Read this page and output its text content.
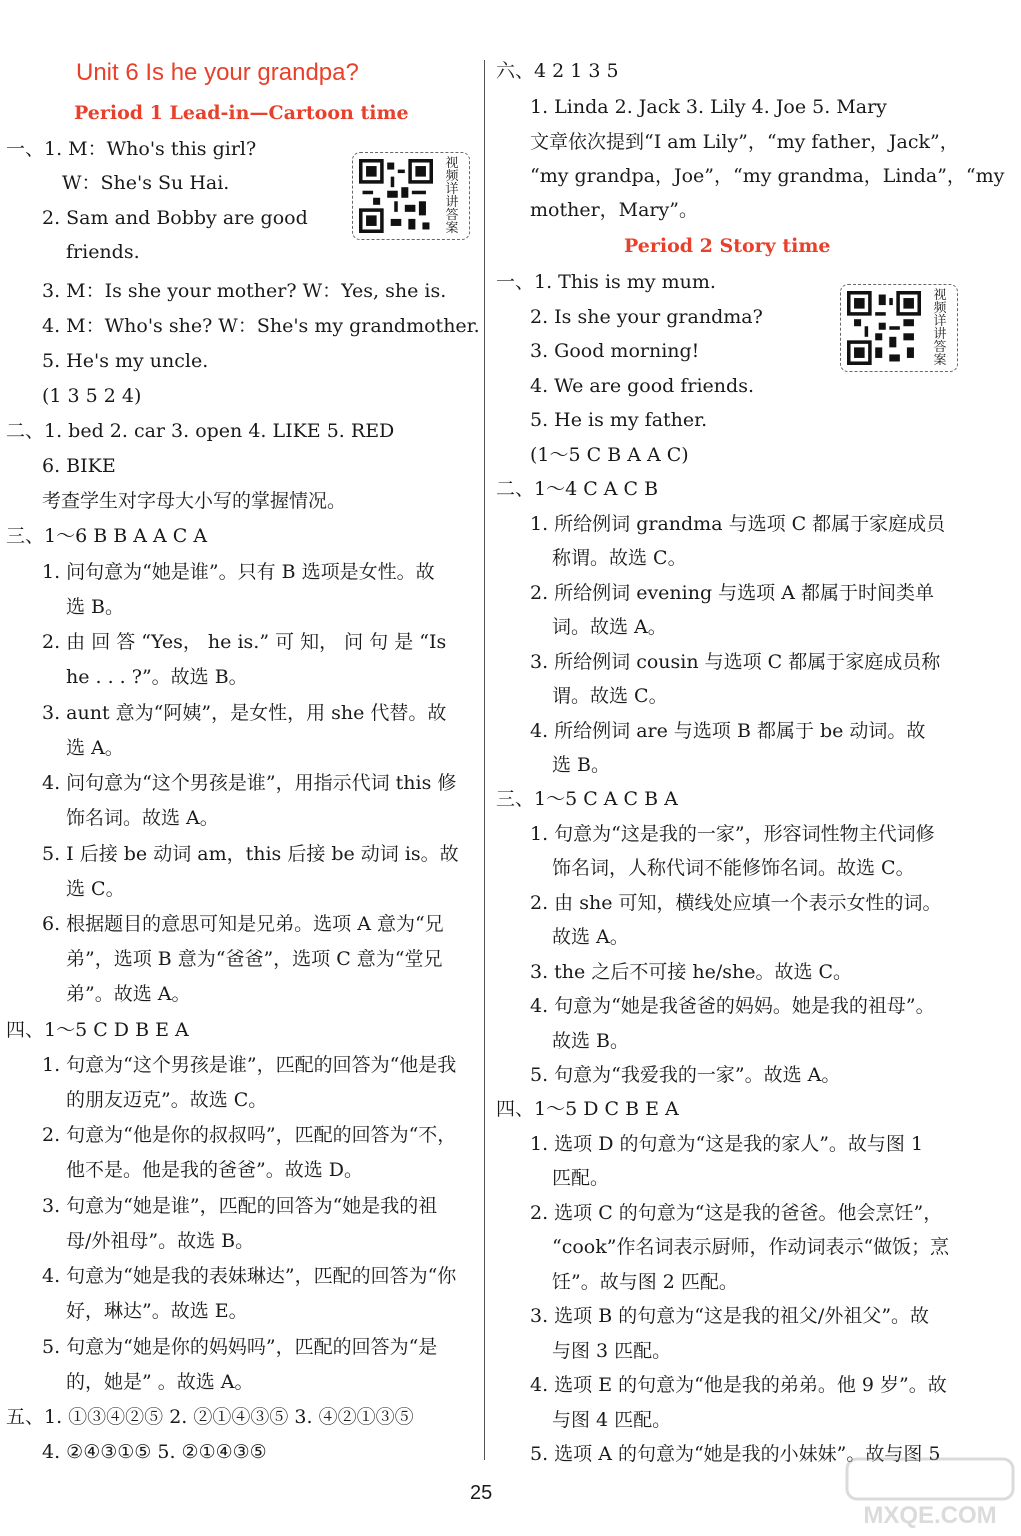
Unit 6 Is he your grandpa?
Period 1 Lead-in—Cartoon time
一、1. M：Who's this girl?
W：She's Su Hai.
2. Sam and Bobby are good
friends.
3. M：Is she your mother? W：Yes, she is.
4. M：Who's she? W：She's my grandmother.
5. He's my uncle.
(1 3 5 2 4)
二、1. bed 2. car 3. open 4. LIKE 5. RED
6. BIKE
考查学生对字母大小写的掌握情况。
三、1～6 B B A A C A
1. 问句意为“她是谁”。只有 B 选项是女性。故
选 B。
2. 由 回 答 “Yes， he is.” 可 知， 问 句 是 “Is
he . . . ?”。故选 B。
3. aunt 意为“阿姨”，是女性，用 she 代替。故
选 A。
4. 问句意为“这个男孩是谁”，用指示代词 this 修
饰名词。故选 A。
5. I 后接 be 动词 am，this 后接 be 动词 is。故
选 C。
6. 根据题目的意思可知是兄弟。选项 A 意为“兄
弟”，选项 B 意为“爸爸”，选项 C 意为“堂兄
弟”。故选 A。
四、1～5 C D B E A
1. 句意为“这个男孩是谁”，匹配的回答为“他是我
的朋友迈克”。故选 C。
2. 句意为“他是你的叔叔吗”，匹配的回答为“不，
他不是。他是我的爸爸”。故选 D。
3. 句意为“她是谁”，匹配的回答为“她是我的祖
母/外祖母”。故选 B。
4. 句意为“她是我的表妹琳达”，匹配的回答为“你
好，琳达”。故选 E。
5. 句意为“她是你的妈妈吗”，匹配的回答为“是
的，她是” 。故选 A。
五、1. ①③④②⑤ 2. ②①④③⑤ 3. ④②①③⑤
4. ②④③①⑤ 5. ②①④③⑤
视频详讲答案
六、4 2 1 3 5
1. Linda 2. Jack 3. Lily 4. Joe 5. Mary
文章依次提到“I am Lily”，“my father，Jack”，
“my grandpa，Joe”，“my grandma，Linda”，“my
mother，Mary”。
Period 2 Story time
一、1. This is my mum.
2. Is she your grandma?
3. Good morning!
4. We are good friends.
5. He is my father.
(1～5 C B A A C)
二、1～4 C A C B
1. 所给例词 grandma 与选项 C 都属于家庭成员
称谓。故选 C。
2. 所给例词 evening 与选项 A 都属于时间类单
词。故选 A。
3. 所给例词 cousin 与选项 C 都属于家庭成员称
谓。故选 C。
4. 所给例词 are 与选项 B 都属于 be 动词。故
选 B。
三、1～5 C A C B A
1. 句意为“这是我的一家”，形容词性物主代词修
饰名词，人称代词不能修饰名词。故选 C。
2. 由 she 可知，横线处应填一个表示女性的词。
故选 A。
3. the 之后不可接 he/she。故选 C。
4. 句意为“她是我爸爸的妈妈。她是我的祖母”。
故选 B。
5. 句意为“我爱我的一家”。故选 A。
四、1～5 D C B E A
1. 选项 D 的句意为“这是我的家人”。故与图 1
匹配。
2. 选项 C 的句意为“这是我的爸爸。他会烹饪”，
“cook”作名词表示厨师，作动词表示“做饭；烹
饪”。故与图 2 匹配。
3. 选项 B 的句意为“这是我的祖父/外祖父”。故
与图 3 匹配。
4. 选项 E 的句意为“他是我的弟弟。他 9 岁”。故
与图 4 匹配。
5. 选项 A 的句意为“她是我的小妹妹”。故与图 5
视频详讲答案
25
MXQE.COM
